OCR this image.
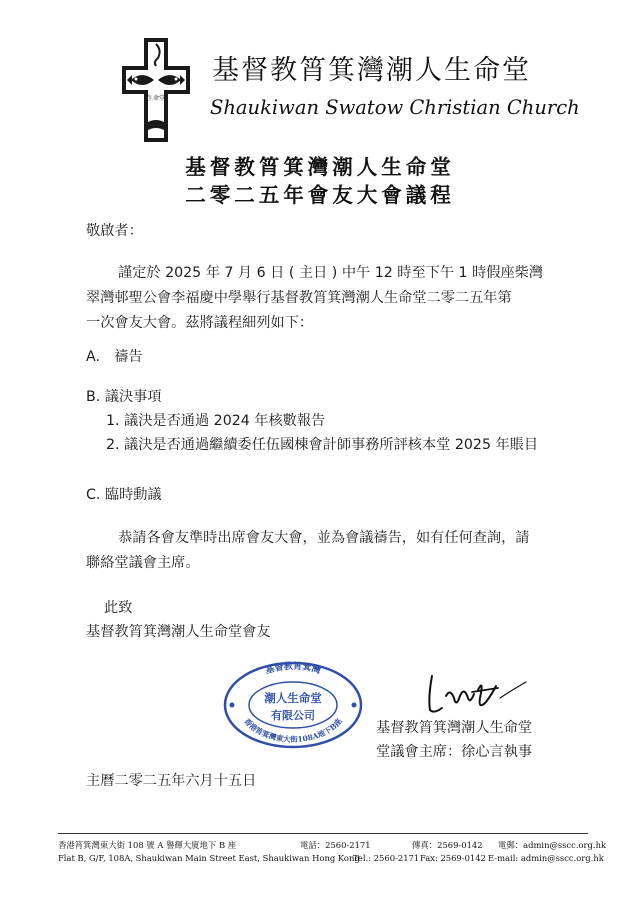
生命堂
基督教筲箕灣潮人生命堂
Shaukiwan Swatow Christian Church
基督教筲箕灣潮人生命堂
二零二五年會友大會議程
敬啟者：
謹定於 2025 年 7 月 6 日 ( 主日 ) 中午 12 時至下午 1 時假座柴灣
翠灣邨聖公會李福慶中學舉行基督教筲箕灣潮人生命堂二零二五年第
一次會友大會。茲將議程細列如下：
A.　禱告
B. 議決事項
1. 議決是否通過 2024 年核數報告
2. 議決是否通過繼續委任伍國棟會計師事務所評核本堂 2025 年賬目
C. 臨時動議
恭請各會友準時出席會友大會，並為會議禱告，如有任何查詢，請
聯絡堂議會主席。
此致
基督教筲箕灣潮人生命堂會友
基督教筲箕灣
香港筲箕灣東大街108A地下B座
潮人生命堂
有限公司
基督教筲箕灣潮人生命堂
堂議會主席：徐心言執事
主曆二零二五年六月十五日
香港筲箕灣東大街 108 號 A 譽輝大廈地下 B 座	電話：2560-2171	傳真：2569-0142 電郵：admin@sscc.org.hk
Flat B, G/F, 108A, Shaukiwan Main Street East, Shaukiwan Hong Kong
Tel.: 2560-2171 Fax: 2569-0142 E-mail: admin@sscc.org.hk
